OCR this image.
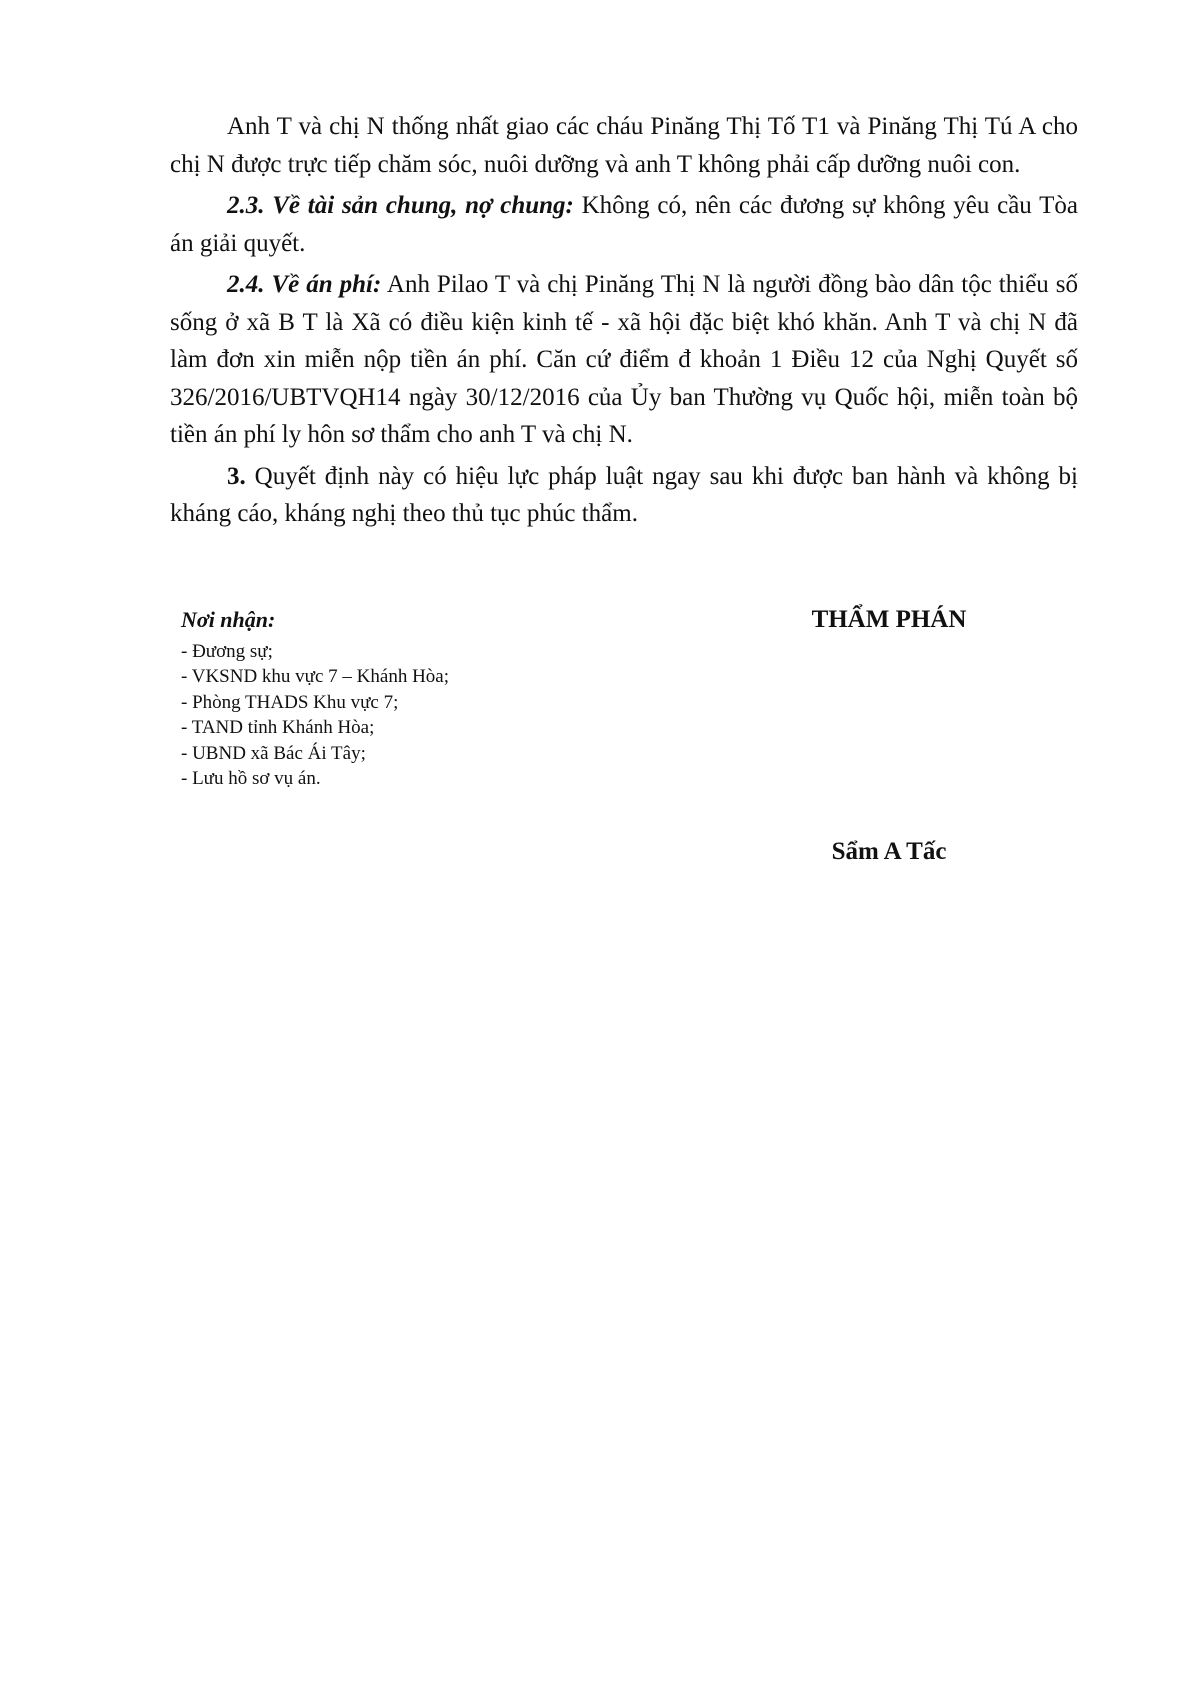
Anh T và chị N thống nhất giao các cháu Pinăng Thị Tố T1 và Pinăng Thị Tú A cho chị N được trực tiếp chăm sóc, nuôi dưỡng và anh T không phải cấp dưỡng nuôi con.

2.3. Về tài sản chung, nợ chung: Không có, nên các đương sự không yêu cầu Tòa án giải quyết.

2.4. Về án phí: Anh Pilao T và chị Pinăng Thị N là người đồng bào dân tộc thiểu số sống ở xã B T là Xã có điều kiện kinh tế - xã hội đặc biệt khó khăn. Anh T và chị N đã làm đơn xin miễn nộp tiền án phí. Căn cứ điểm đ khoản 1 Điều 12 của Nghị Quyết số 326/2016/UBTVQH14 ngày 30/12/2016 của Ủy ban Thường vụ Quốc hội, miễn toàn bộ tiền án phí ly hôn sơ thẩm cho anh T và chị N.

3. Quyết định này có hiệu lực pháp luật ngay sau khi được ban hành và không bị kháng cáo, kháng nghị theo thủ tục phúc thẩm.

Nơi nhận:
- Đương sự;
- VKSND khu vực 7 – Khánh Hòa;
- Phòng THADS Khu vực 7;
- TAND tỉnh Khánh Hòa;
- UBND xã Bác Ái Tây;
- Lưu hồ sơ vụ án.
THẨM PHÁN
Sẩm A Tấc
